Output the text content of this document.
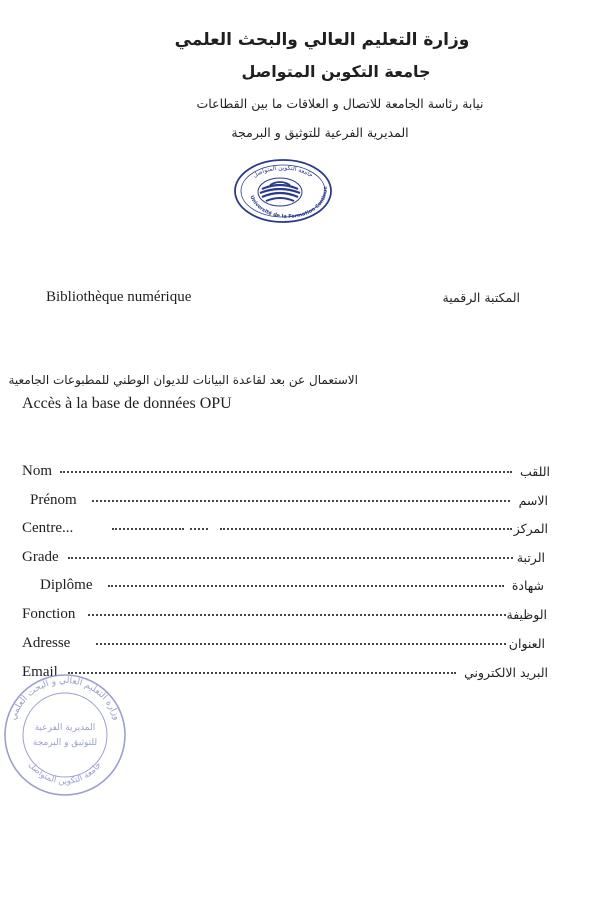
وزارة التعليم العالي والبحث العلمي
جامعة التكوين المتواصل
نيابة رئاسة الجامعة للاتصال و العلاقات ما بين القطاعات
المديرية الفرعية للتوثيق و البرمجة
جامعة التكوين المتواصل
Université de la Formation Continue
Bibliothèque numérique	المكتبة الرقمية
الاستعمال عن بعد لقاعدة البيانات للديوان الوطني للمطبوعات الجامعية
Accès à la base de données OPU
Nom	اللقب
Prénom	الاسم
Centre...	المركز
Grade	الرتبة
Diplôme	شهادة
Fonction	الوظيفة
Adresse	العنوان
Email	البريد الالكتروني
وزارة التعليم العالي و البحث العلمي
المديرية الفرعية
للتوثيق و البرمجة
جامعة التكوين المتواصل
